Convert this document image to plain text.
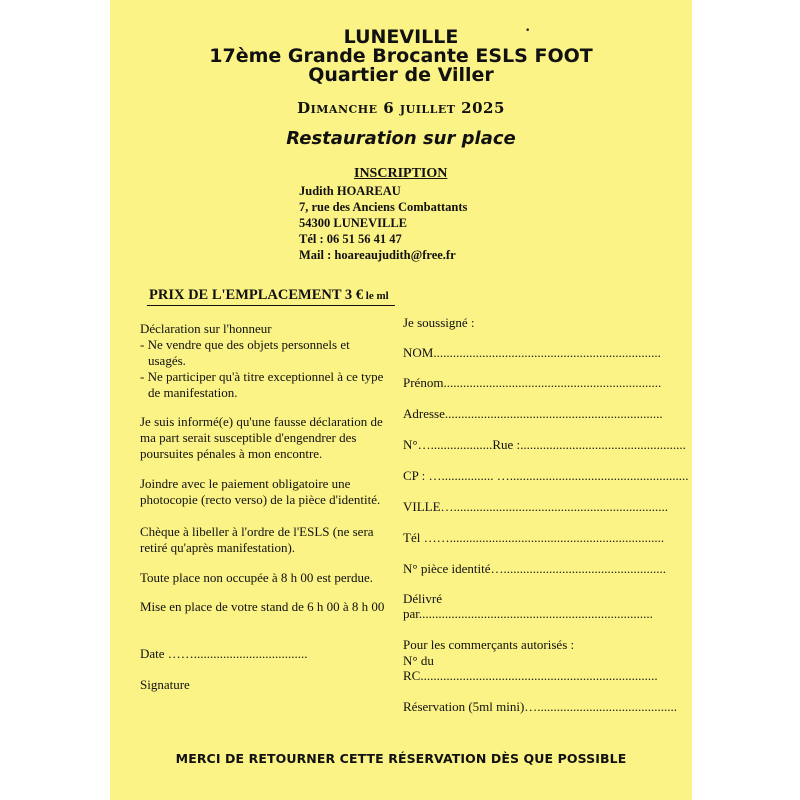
LUNEVILLE
17ème Grande Brocante ESLS FOOT
Quartier de Viller
•
Dimanche 6 juillet 2025
Restauration sur place
INSCRIPTION
Judith HOAREAU
7, rue des Anciens Combattants
54300 LUNEVILLE
Tél : 06 51 56 41 47
Mail : hoareaujudith@free.fr
PRIX DE L'EMPLACEMENT 3 € le ml
Déclaration sur l'honneur
- Ne vendre que des objets personnels et
usagés.
- Ne participer qu'à titre exceptionnel à ce type
de manifestation.
Je suis informé(e) qu'une fausse déclaration de
ma part serait susceptible d'engendrer des
poursuites pénales à mon encontre.
Joindre avec le paiement obligatoire une
photocopie (recto verso) de la pièce d'identité.
Chèque à libeller à l'ordre de l'ESLS (ne sera
retiré qu'après manifestation).
Toute place non occupée à 8 h 00 est perdue.
Mise en place de votre stand de 6 h 00 à 8 h 00
Date ……...................................
Signature
Je soussigné :
NOM......................................................................
Prénom...................................................................
Adresse...................................................................
N°…...................Rue :...................................................
CP : …................ ….......................................................
VILLE…..................................................................
Tél ……..................................................................
N° pièce identité…..................................................
Délivré
par........................................................................
Pour les commerçants autorisés :
N° du
RC.........................................................................
Réservation (5ml mini)…...........................................
MERCI DE RETOURNER CETTE RÉSERVATION DÈS QUE POSSIBLE
